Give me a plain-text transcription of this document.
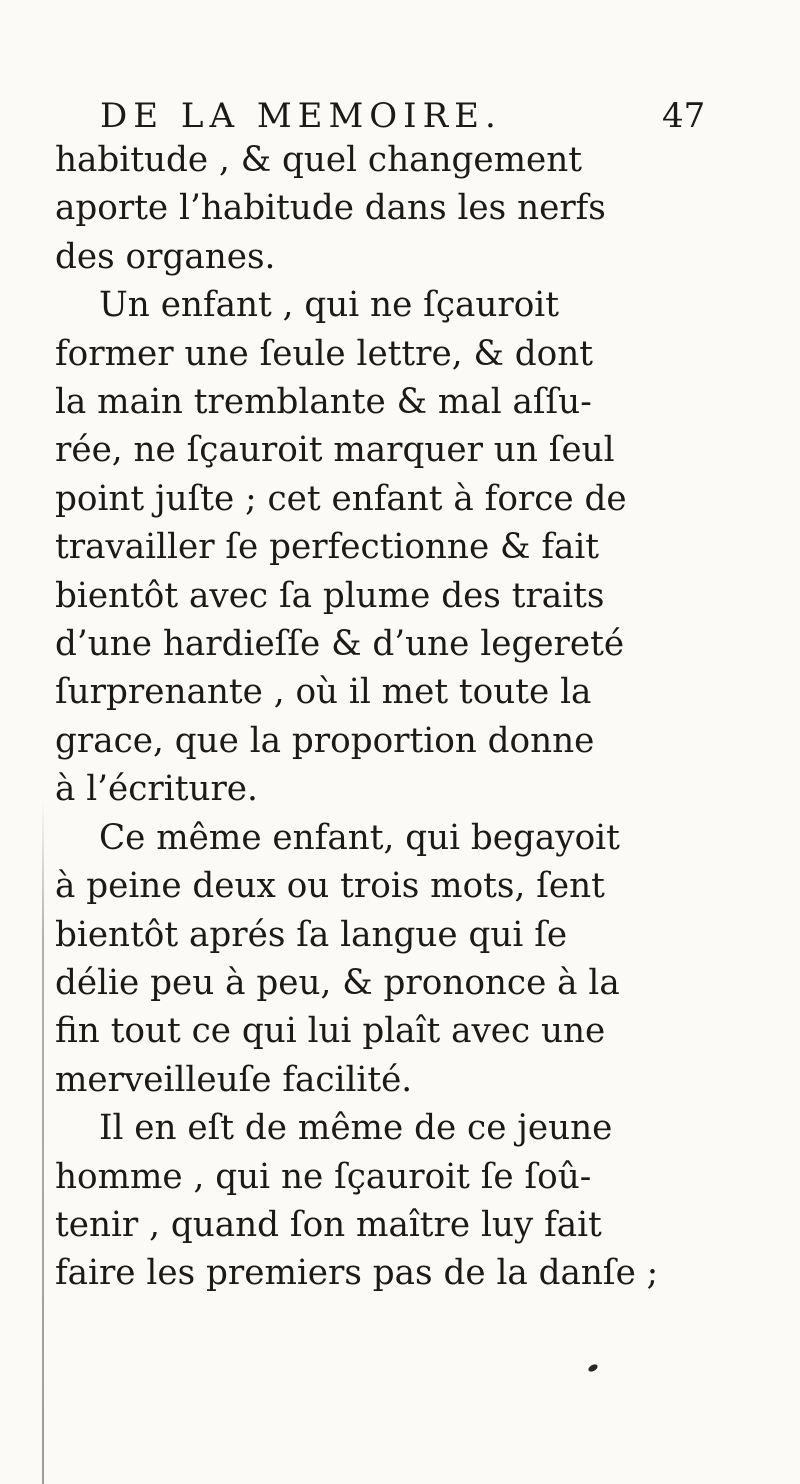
DE LA MEMOIRE.	47
habitude , & quel changement
aporte l’habitude dans les nerfs
des organes.
Un enfant , qui ne ſçauroit
former une ſeule lettre, & dont
la main tremblante & mal aſſu-
rée, ne ſçauroit marquer un ſeul
point juſte ; cet enfant à force de
travailler ſe perfectionne & fait
bientôt avec ſa plume des traits
d’une hardieſſe & d’une legereté
ſurprenante , où il met toute la
grace, que la proportion donne
à l’écriture.
Ce même enfant, qui begayoit
à peine deux ou trois mots, ſent
bientôt aprés ſa langue qui ſe
délie peu à peu, & prononce à la
fin tout ce qui lui plaît avec une
merveilleuſe facilité.
Il en eſt de même de ce jeune
homme , qui ne ſçauroit ſe ſoû-
tenir , quand ſon maître luy fait
faire les premiers pas de la danſe ;
